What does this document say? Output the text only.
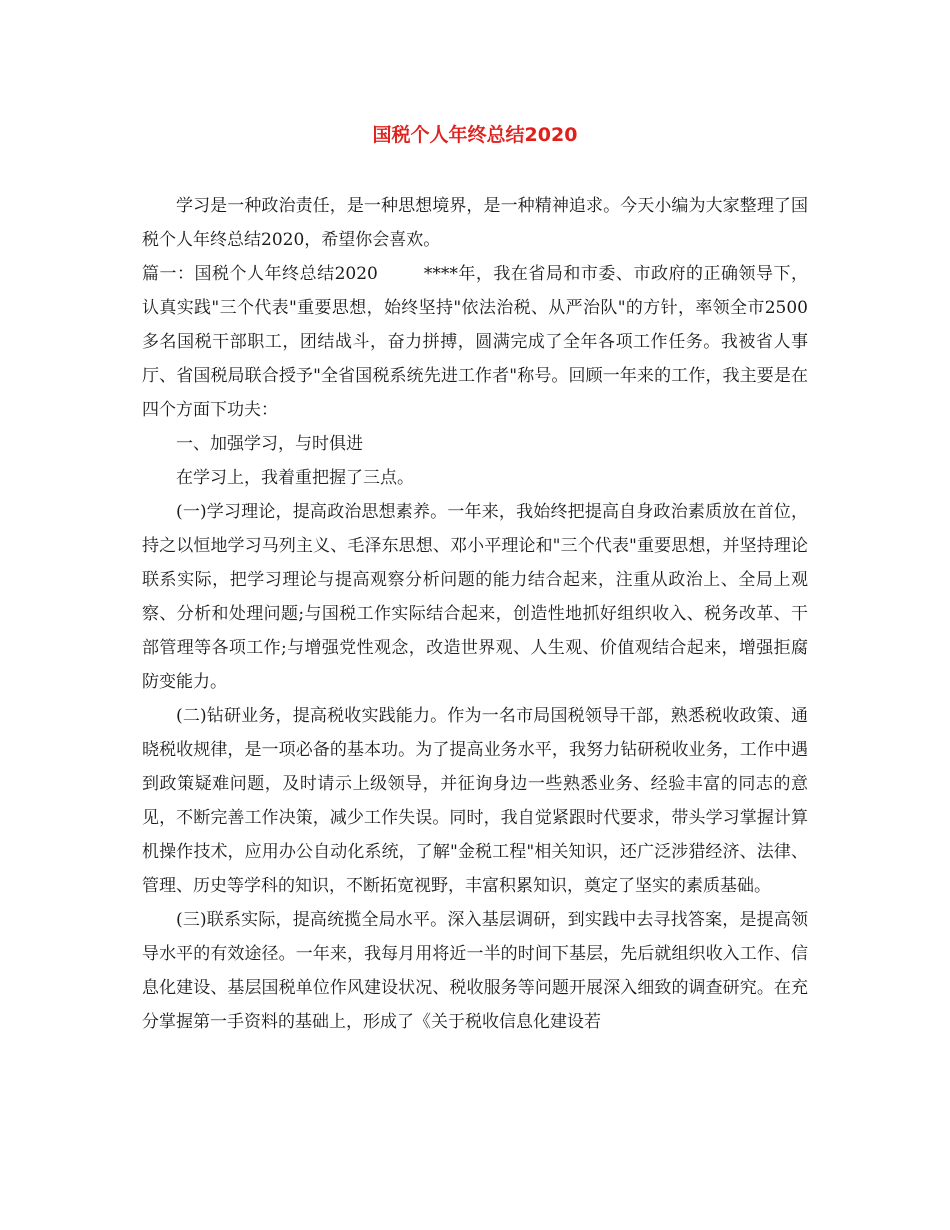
国税个人年终总结2020

学习是一种政治责任，是一种思想境界，是一种精神追求。今天小编为大家整理了国税个人年终总结2020，希望你会喜欢。

篇一：国税个人年终总结2020	****年，我在省局和市委、市政府的正确领导下，认真实践"三个代表"重要思想，始终坚持"依法治税、从严治队"的方针，率领全市2500多名国税干部职工，团结战斗，奋力拼搏，圆满完成了全年各项工作任务。我被省人事厅、省国税局联合授予"全省国税系统先进工作者"称号。回顾一年来的工作，我主要是在四个方面下功夫：

一、加强学习，与时俱进

在学习上，我着重把握了三点。

(一)学习理论，提高政治思想素养。一年来，我始终把提高自身政治素质放在首位，持之以恒地学习马列主义、毛泽东思想、邓小平理论和"三个代表"重要思想，并坚持理论联系实际，把学习理论与提高观察分析问题的能力结合起来，注重从政治上、全局上观察、分析和处理问题;与国税工作实际结合起来，创造性地抓好组织收入、税务改革、干部管理等各项工作;与增强党性观念，改造世界观、人生观、价值观结合起来，增强拒腐防变能力。

(二)钻研业务，提高税收实践能力。作为一名市局国税领导干部，熟悉税收政策、通晓税收规律，是一项必备的基本功。为了提高业务水平，我努力钻研税收业务，工作中遇到政策疑难问题，及时请示上级领导，并征询身边一些熟悉业务、经验丰富的同志的意见，不断完善工作决策，减少工作失误。同时，我自觉紧跟时代要求，带头学习掌握计算机操作技术，应用办公自动化系统，了解"金税工程"相关知识，还广泛涉猎经济、法律、管理、历史等学科的知识，不断拓宽视野，丰富积累知识，奠定了坚实的素质基础。

(三)联系实际，提高统揽全局水平。深入基层调研，到实践中去寻找答案，是提高领导水平的有效途径。一年来，我每月用将近一半的时间下基层，先后就组织收入工作、信息化建设、基层国税单位作风建设状况、税收服务等问题开展深入细致的调查研究。在充分掌握第一手资料的基础上，形成了《关于税收信息化建设若
